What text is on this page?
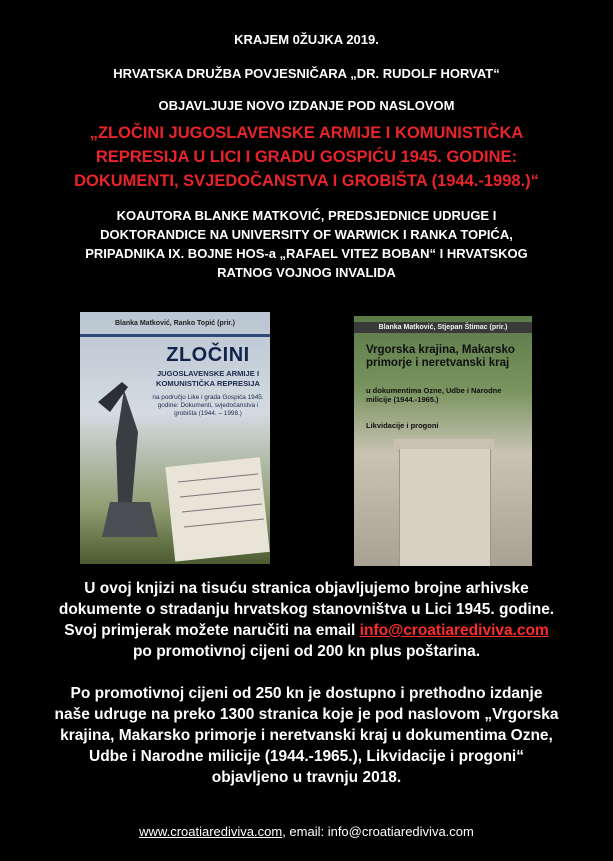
KRAJEM 0ŽUJKA 2019.
HRVATSKA DRUŽBA POVJESNIČARA „DR. RUDOLF HORVAT“
OBJAVLJUJE NOVO IZDANJE POD NASLOVOM
„ZLOČINI JUGOSLAVENSKE ARMIJE I KOMUNISTIČKA
REPRESIJA U LICI I GRADU GOSPIĆU 1945. GODINE:
DOKUMENTI, SVJEDOČANSTVA I GROBIŠTA (1944.-1998.)“
KOAUTORA BLANKE MATKOVIĆ, PREDSJEDNICE UDRUGE I
DOKTORANDICE NA UNIVERSITY OF WARWICK I RANKA TOPIĆA,
PRIPADNIKA IX. BOJNE HOS-a „RAFAEL VITEZ BOBAN“ I HRVATSKOG
RATNOG VOJNOG INVALIDA
Blanka Matković, Ranko Topić (prir.)
ZLOČINI
JUGOSLAVENSKE ARMIJE I KOMUNISTIČKA REPRESIJA
na području Like i grada Gospića 1945. godine: Dokumenti, svjedočanstva i grobišta (1944. – 1998.)
Blanka Matković, Stjepan Štimac (prir.)
Vrgorska krajina, Makarsko primorje i neretvanski kraj
u dokumentima Ozne, Udbe i Narodne milicije (1944.-1965.)
Likvidacije i progoni
U ovoj knjizi na tisuću stranica objavljujemo brojne arhivske
dokumente o stradanju hrvatskog stanovništva u Lici 1945. godine.
Svoj primjerak možete naručiti na email info@croatiarediviva.com
po promotivnoj cijeni od 200 kn plus poštarina.
Po promotivnoj cijeni od 250 kn je dostupno i prethodno izdanje
naše udruge na preko 1300 stranica koje je pod naslovom „Vrgorska
krajina, Makarsko primorje i neretvanski kraj u dokumentima Ozne,
Udbe i Narodne milicije (1944.-1965.), Likvidacije i progoni“
objavljeno u travnju 2018.
www.croatiarediviva.com, email: info@croatiarediviva.com
